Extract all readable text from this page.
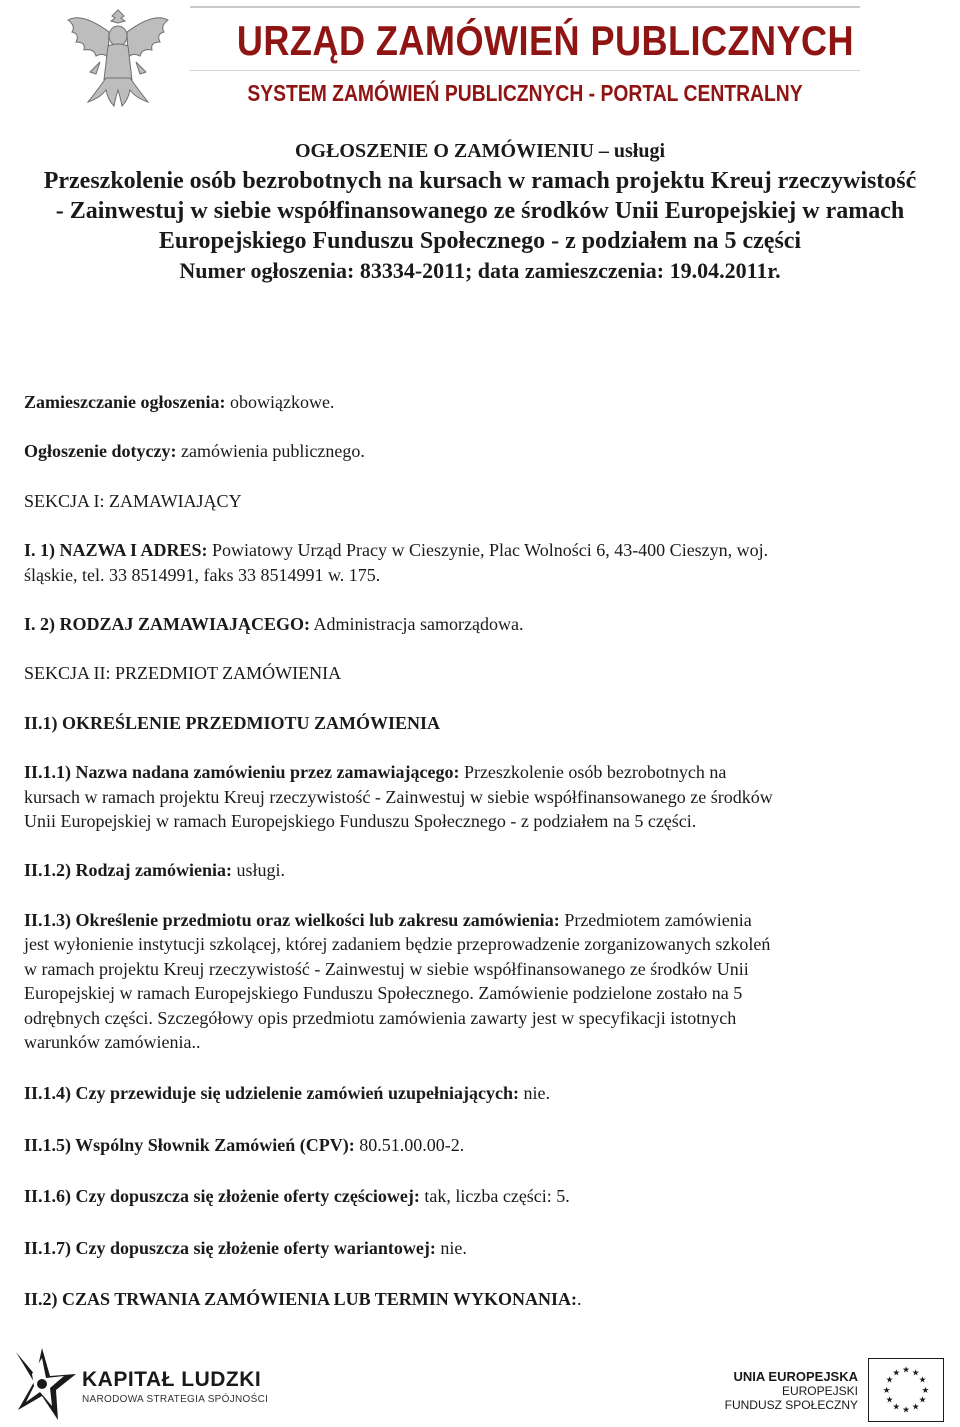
URZĄD ZAMÓWIEŃ PUBLICZNYCH
SYSTEM ZAMÓWIEŃ PUBLICZNYCH - PORTAL CENTRALNY

OGŁOSZENIE O ZAMÓWIENIU – usługi

Przeszkolenie osób bezrobotnych na kursach w ramach projektu Kreuj rzeczywistość - Zainwestuj w siebie współfinansowanego ze środków Unii Europejskiej w ramach Europejskiego Funduszu Społecznego - z podziałem na 5 części

Numer ogłoszenia: 83334-2011; data zamieszczenia: 19.04.2011r.

Zamieszczanie ogłoszenia: obowiązkowe.

Ogłoszenie dotyczy: zamówienia publicznego.

SEKCJA I: ZAMAWIAJĄCY

I. 1) NAZWA I ADRES: Powiatowy Urząd Pracy w Cieszynie, Plac Wolności 6, 43-400 Cieszyn, woj.
śląskie, tel. 33 8514991, faks 33 8514991 w. 175.

I. 2) RODZAJ ZAMAWIAJĄCEGO: Administracja samorządowa.

SEKCJA II: PRZEDMIOT ZAMÓWIENIA

II.1) OKREŚLENIE PRZEDMIOTU ZAMÓWIENIA

II.1.1) Nazwa nadana zamówieniu przez zamawiającego: Przeszkolenie osób bezrobotnych na
kursach w ramach projektu Kreuj rzeczywistość - Zainwestuj w siebie współfinansowanego ze środków
Unii Europejskiej w ramach Europejskiego Funduszu Społecznego - z podziałem na 5 części.

II.1.2) Rodzaj zamówienia: usługi.

II.1.3) Określenie przedmiotu oraz wielkości lub zakresu zamówienia: Przedmiotem zamówienia
jest wyłonienie instytucji szkolącej, której zadaniem będzie przeprowadzenie zorganizowanych szkoleń
w ramach projektu Kreuj rzeczywistość - Zainwestuj w siebie współfinansowanego ze środków Unii
Europejskiej w ramach Europejskiego Funduszu Społecznego. Zamówienie podzielone zostało na 5
odrębnych części. Szczegółowy opis przedmiotu zamówienia zawarty jest w specyfikacji istotnych
warunków zamówienia..

II.1.4) Czy przewiduje się udzielenie zamówień uzupełniających: nie.

II.1.5) Wspólny Słownik Zamówień (CPV): 80.51.00.00-2.

II.1.6) Czy dopuszcza się złożenie oferty częściowej: tak, liczba części: 5.

II.1.7) Czy dopuszcza się złożenie oferty wariantowej: nie.

II.2) CZAS TRWANIA ZAMÓWIENIA LUB TERMIN WYKONANIA:.

KAPITAŁ LUDZKI
NARODOWA STRATEGIA SPÓJNOŚCI
UNIA EUROPEJSKA
EUROPEJSKI
FUNDUSZ SPOŁECZNY
★ ★
★
★
★
★
★
★
★
★
★
★
